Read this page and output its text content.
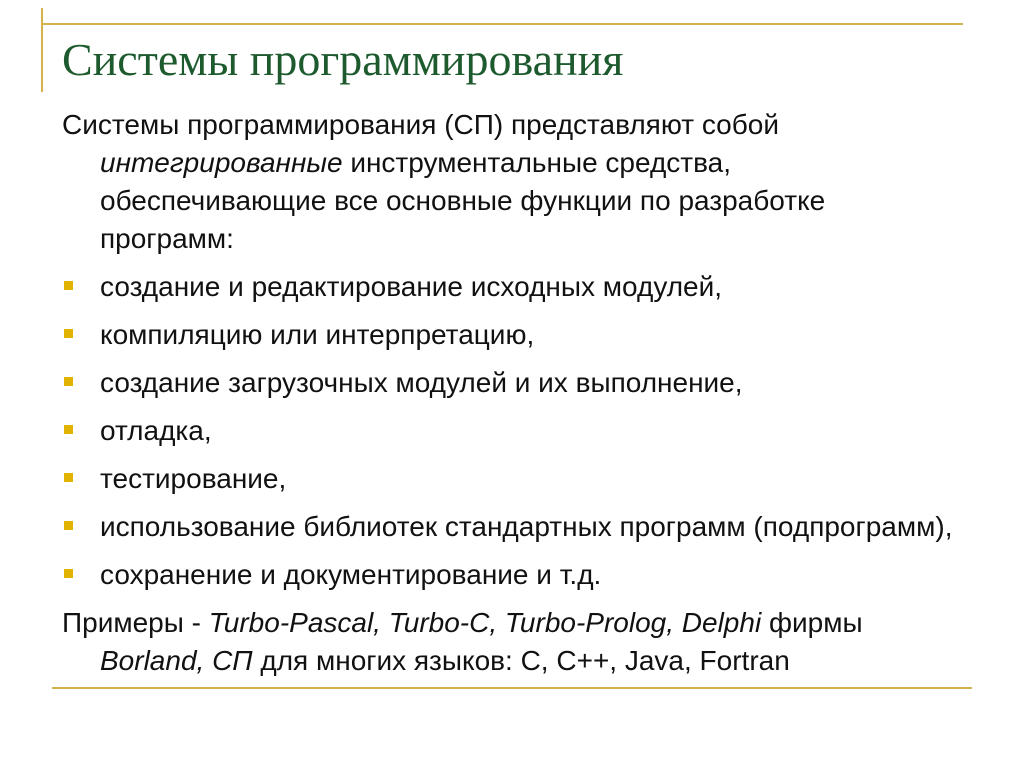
Системы программирования

Системы программирования (СП) представляют собой интегрированные инструментальные средства, обеспечивающие все основные функции по разработке программ:

создание и редактирование исходных модулей,
компиляцию или интерпретацию,
создание загрузочных модулей и их выполнение,
отладка,
тестирование,
использование библиотек стандартных программ (подпрограмм),
сохранение и документирование и т.д.

Примеры - Turbo-Pascal, Turbo-C, Turbo-Prolog, Delphi фирмы Borland, СП для многих языков: C, C++, Java, Fortran
